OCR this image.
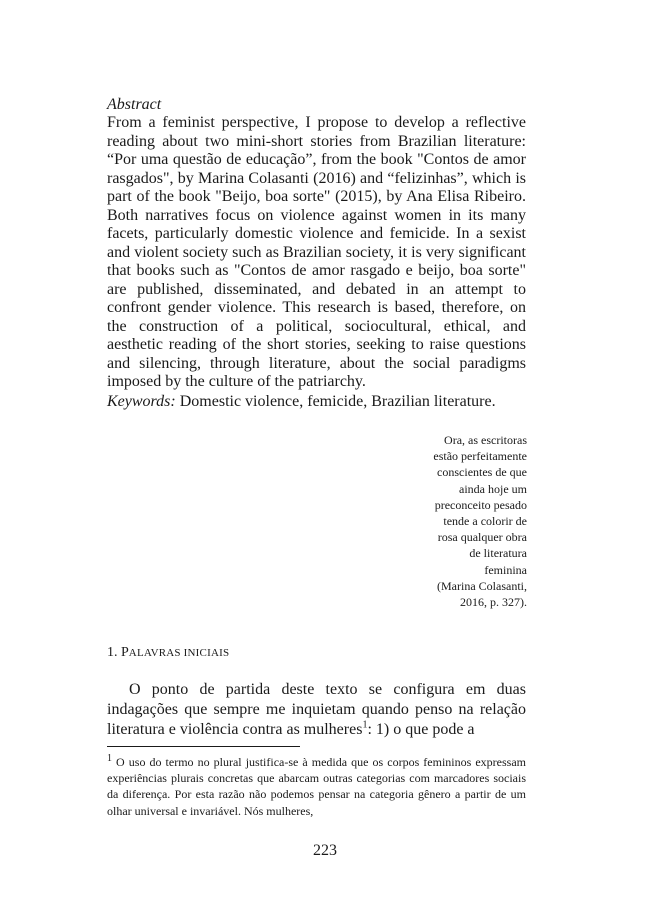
Abstract
From a feminist perspective, I propose to develop a reflective reading about two mini-short stories from Brazilian literature: “Por uma questão de educação”, from the book "Contos de amor rasgados", by Marina Colasanti (2016) and “felizinhas”, which is part of the book "Beijo, boa sorte" (2015), by Ana Elisa Ribeiro. Both narratives focus on violence against women in its many facets, particularly domestic violence and femicide. In a sexist and violent society such as Brazilian society, it is very significant that books such as "Contos de amor rasgado e beijo, boa sorte" are published, disseminated, and debated in an attempt to confront gender violence. This research is based, therefore, on the construction of a political, sociocultural, ethical, and aesthetic reading of the short stories, seeking to raise questions and silencing, through literature, about the social paradigms imposed by the culture of the patriarchy.
Keywords: Domestic violence, femicide, Brazilian literature.
Ora, as escritoras
estão perfeitamente
conscientes de que
ainda hoje um
preconceito pesado
tende a colorir de
rosa qualquer obra
de literatura
feminina
(Marina Colasanti,
2016, p. 327).
1. PALAVRAS INICIAIS
O ponto de partida deste texto se configura em duas indagações que sempre me inquietam quando penso na relação literatura e violência contra as mulheres$^1$: 1) o que pode a
$^1$ O uso do termo no plural justifica-se à medida que os corpos femininos expressam experiências plurais concretas que abarcam outras categorias com marcadores sociais da diferença. Por esta razão não podemos pensar na categoria gênero a partir de um olhar universal e invariável. Nós mulheres,
223
